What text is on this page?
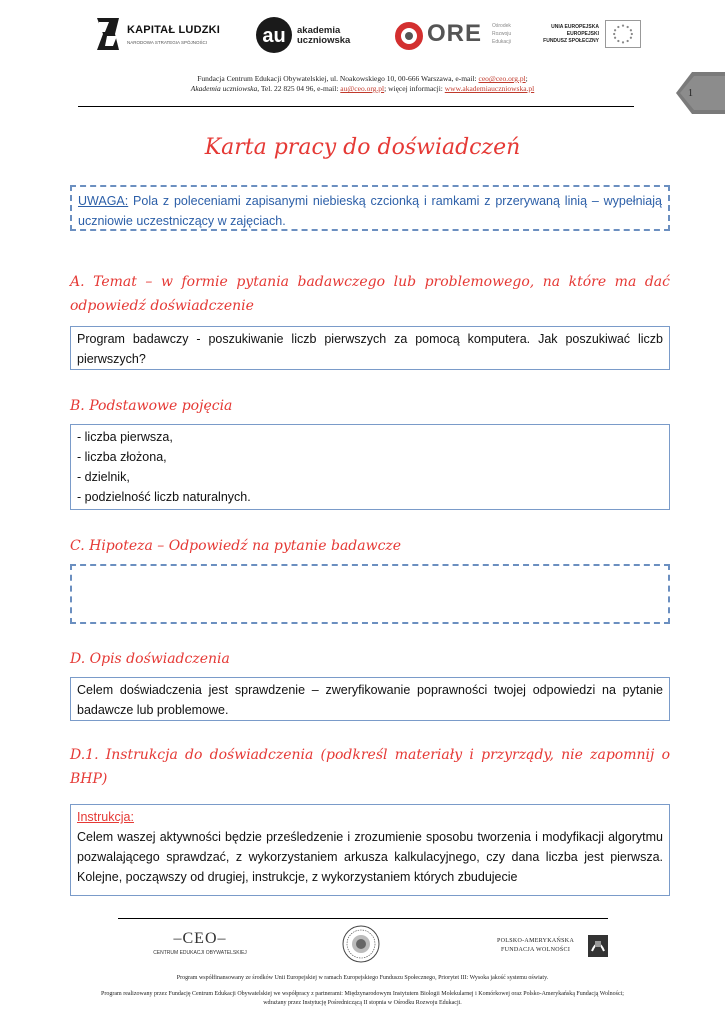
KAPITAŁ LUDZKI
NARODOWA STRATEGIA SPÓJNOŚCI	au akademia
uczniowska	ORE Ośrodek
Rozwoju
Edukacji
UNIA EUROPEJSKA
EUROPEJSKI
FUNDUSZ SPOŁECZNY
Fundacja Centrum Edukacji Obywatelskiej, ul. Noakowskiego 10, 00-666 Warszawa, e-mail: ceo@ceo.org.pl;
Akademia uczniowska, Tel. 22 825 04 96, e-mail: au@ceo.org.pl; więcej informacji: www.akademiauczniowska.pl	1
Karta pracy do doświadczeń
UWAGA: Pola z poleceniami zapisanymi niebieską czcionką i ramkami z przerywaną linią – wypełniają uczniowie uczestniczący w zajęciach.
A. Temat – w formie pytania badawczego lub problemowego, na które ma dać odpowiedź doświadczenie
Program badawczy - poszukiwanie liczb pierwszych za pomocą komputera. Jak poszukiwać liczb pierwszych?
B. Podstawowe pojęcia
- liczba pierwsza,
- liczba złożona,
- dzielnik,
- podzielność liczb naturalnych.
C. Hipoteza – Odpowiedź na pytanie badawcze
D. Opis doświadczenia
Celem doświadczenia jest sprawdzenie – zweryfikowanie poprawności twojej odpowiedzi na pytanie badawcze lub problemowe.
D.1. Instrukcja do doświadczenia (podkreśl materiały i przyrządy, nie zapomnij o BHP)
Instrukcja:
Celem waszej aktywności będzie prześledzenie i zrozumienie sposobu tworzenia i modyfikacji algorytmu pozwalającego sprawdzać, z wykorzystaniem arkusza kalkulacyjnego, czy dana liczba jest pierwsza. Kolejne, począwszy od drugiej, instrukcje, z wykorzystaniem których zbudujecie
–CEO–
CENTRUM EDUKACJI OBYWATELSKIEJ
POLSKO-AMERYKAŃSKA
FUNDACJA WOLNOŚCI
Program współfinansowany ze środków Unii Europejskiej w ramach Europejskiego Funduszu Społecznego, Priorytet III: Wysoka jakość systemu oświaty.
Program realizowany przez Fundację Centrum Edukacji Obywatelskiej we współpracy z partnerami: Międzynarodowym Instytutem Biologii Molekularnej i Komórkowej oraz Polsko-Amerykańską Fundacją Wolności;
wdrażany przez Instytucję Pośredniczącą II stopnia w Ośrodku Rozwoju Edukacji.
